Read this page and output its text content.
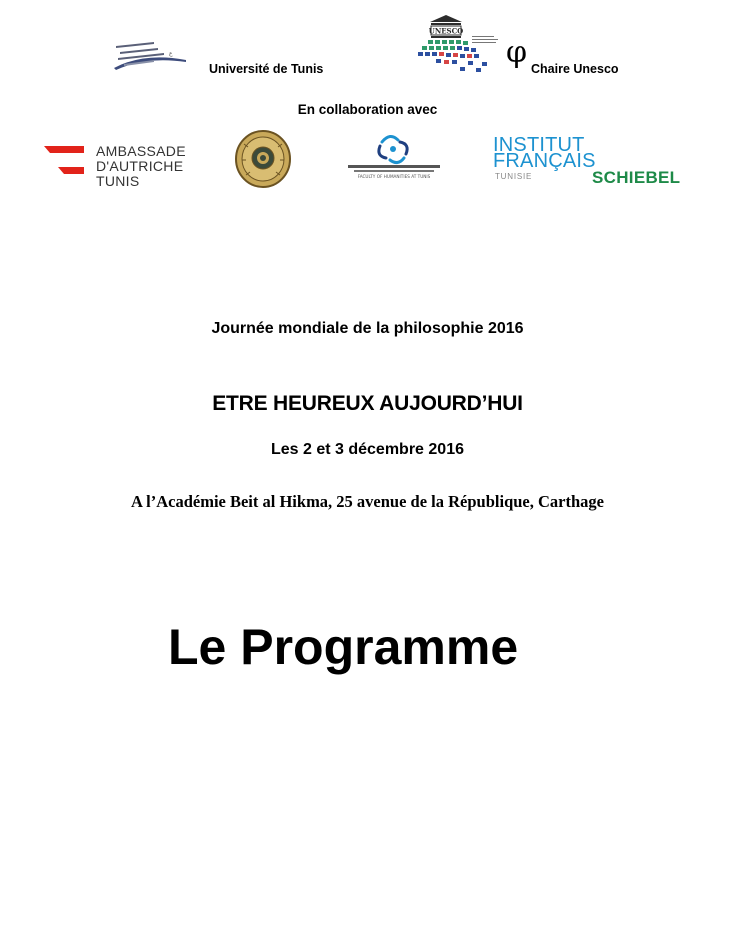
ع
Université de Tunis
UNESCO
φ Chaire Unesco
En collaboration avec
AMBASSADE
D'AUTRICHE
TUNIS	FACULTY OF HUMANITIES AT TUNIS
INSTITUT
FRANÇAIS
TUNISIE	SCHIEBEL
Journée mondiale de la philosophie 2016
ETRE HEUREUX AUJOURD’HUI
Les 2 et 3 décembre 2016
A l’Académie Beit al Hikma, 25 avenue de la République, Carthage
Le Programme
